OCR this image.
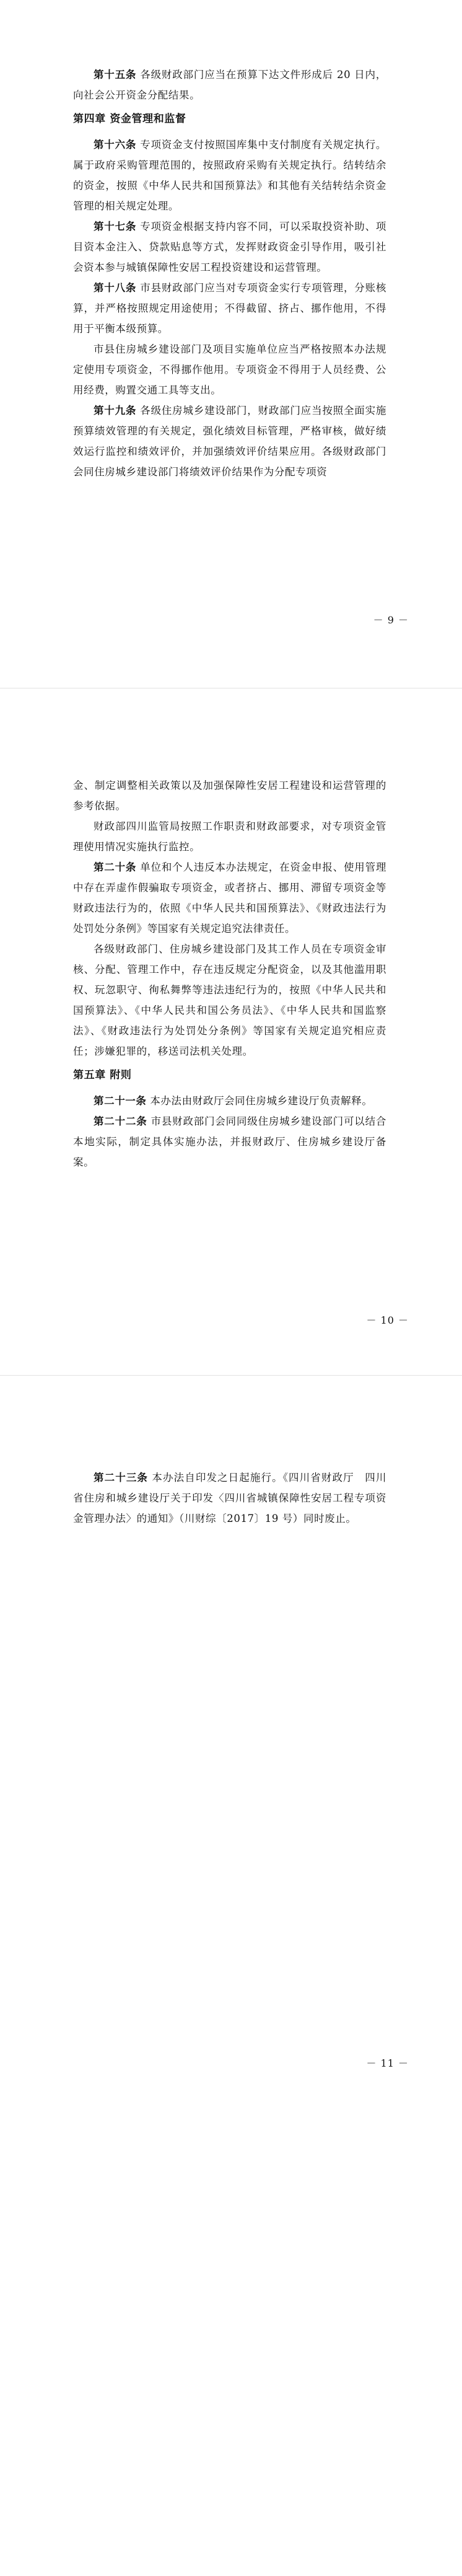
第十五条 各级财政部门应当在预算下达文件形成后 20 日内，向社会公开资金分配结果。

第四章 资金管理和监督

第十六条 专项资金支付按照国库集中支付制度有关规定执行。属于政府采购管理范围的，按照政府采购有关规定执行。结转结余的资金，按照《中华人民共和国预算法》和其他有关结转结余资金管理的相关规定处理。

第十七条 专项资金根据支持内容不同，可以采取投资补助、项目资本金注入、贷款贴息等方式，发挥财政资金引导作用，吸引社会资本参与城镇保障性安居工程投资建设和运营管理。

第十八条 市县财政部门应当对专项资金实行专项管理，分账核算，并严格按照规定用途使用；不得截留、挤占、挪作他用，不得用于平衡本级预算。

市县住房城乡建设部门及项目实施单位应当严格按照本办法规定使用专项资金，不得挪作他用。专项资金不得用于人员经费、公用经费，购置交通工具等支出。

第十九条 各级住房城乡建设部门，财政部门应当按照全面实施预算绩效管理的有关规定，强化绩效目标管理，严格审核，做好绩效运行监控和绩效评价，并加强绩效评价结果应用。各级财政部门会同住房城乡建设部门将绩效评价结果作为分配专项资

－ 9 －

金、制定调整相关政策以及加强保障性安居工程建设和运营管理的参考依据。

财政部四川监管局按照工作职责和财政部要求，对专项资金管理使用情况实施执行监控。

第二十条 单位和个人违反本办法规定，在资金申报、使用管理中存在弄虚作假骗取专项资金，或者挤占、挪用、滞留专项资金等财政违法行为的，依照《中华人民共和国预算法》、《财政违法行为处罚处分条例》等国家有关规定追究法律责任。

各级财政部门、住房城乡建设部门及其工作人员在专项资金审核、分配、管理工作中，存在违反规定分配资金，以及其他滥用职权、玩忽职守、徇私舞弊等违法违纪行为的，按照《中华人民共和国预算法》、《中华人民共和国公务员法》、《中华人民共和国监察法》、《财政违法行为处罚处分条例》等国家有关规定追究相应责任；涉嫌犯罪的，移送司法机关处理。

第五章 附则

第二十一条 本办法由财政厅会同住房城乡建设厅负责解释。

第二十二条 市县财政部门会同同级住房城乡建设部门可以结合本地实际，制定具体实施办法，并报财政厅、住房城乡建设厅备案。

－ 10 －

第二十三条 本办法自印发之日起施行。《四川省财政厅　四川省住房和城乡建设厅关于印发〈四川省城镇保障性安居工程专项资金管理办法〉的通知》（川财综〔2017〕19 号）同时废止。

－ 11 －
